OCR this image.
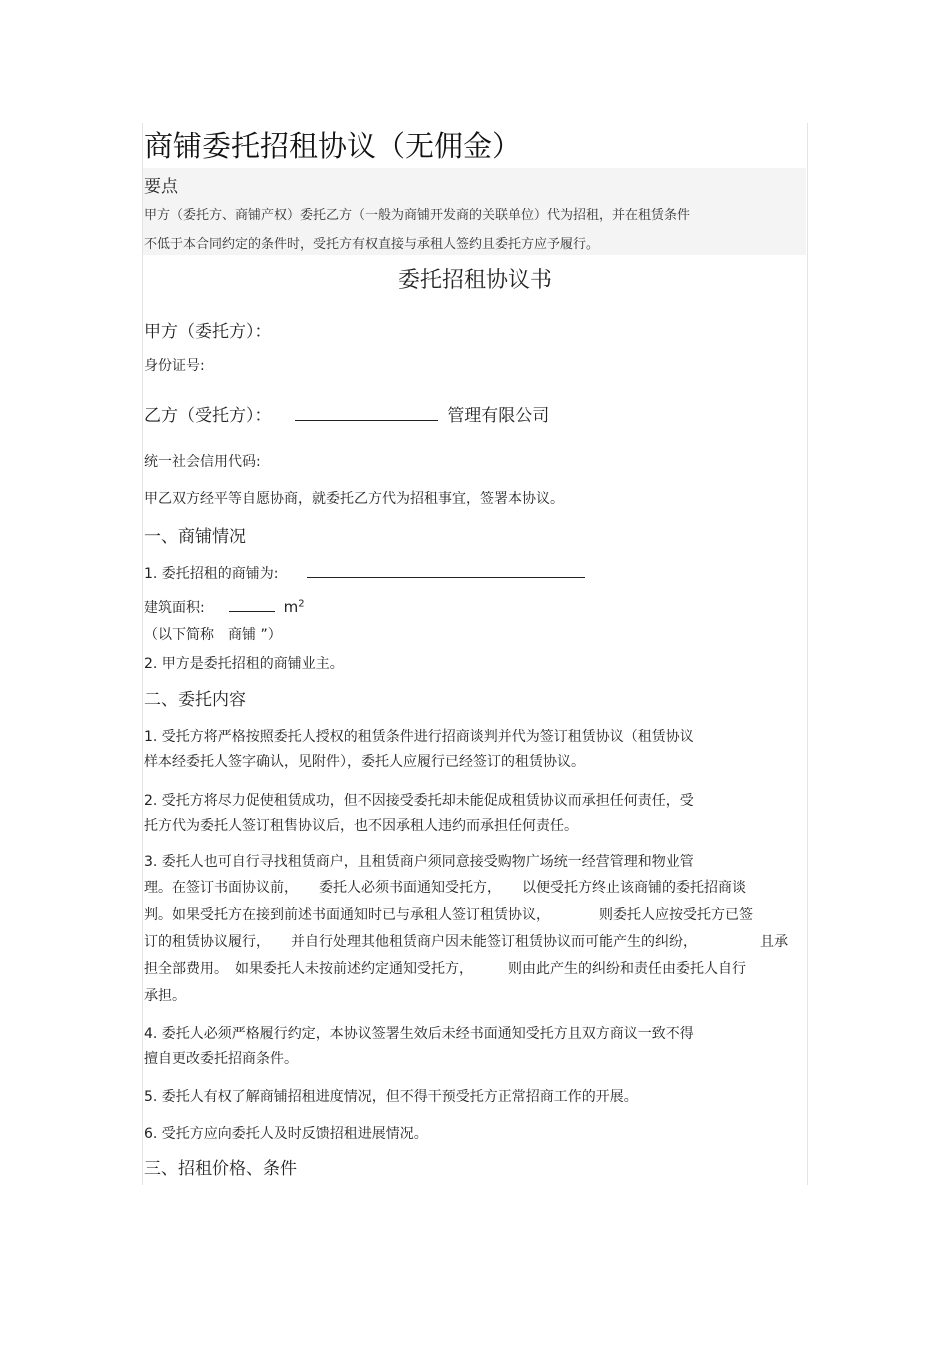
商铺委托招租协议（无佣金）
要点
甲方（委托方、商铺产权）委托乙方（一般为商铺开发商的关联单位）代为招租，并在租赁条件
不低于本合同约定的条件时，受托方有权直接与承租人签约且委托方应予履行。
委托招租协议书
甲方（委托方）：
身份证号:
乙方（受托方）：	管理有限公司
统一社会信用代码:
甲乙双方经平等自愿协商，就委托乙方代为招租事宜，签署本协议。
一、商铺情况
1. 委托招租的商铺为:
建筑面积:	$m^2$
（以下简称　商铺 ”）
2. 甲方是委托招租的商铺业主。
二、委托内容
1. 受托方将严格按照委托人授权的租赁条件进行招商谈判并代为签订租赁协议（租赁协议
样本经委托人签字确认，见附件），委托人应履行已经签订的租赁协议。
2. 受托方将尽力促使租赁成功，但不因接受委托却未能促成租赁协议而承担任何责任，受
托方代为委托人签订租售协议后，也不因承租人违约而承担任何责任。
3. 委托人也可自行寻找租赁商户，且租赁商户须同意接受购物广场统一经营管理和物业管
理。在签订书面协议前，　　委托人必须书面通知受托方，　　以便受托方终止该商铺的委托招商谈
判。如果受托方在接到前述书面通知时已与承租人签订租赁协议，　　　　则委托人应按受托方已签
订的租赁协议履行，　　并自行处理其他租赁商户因未能签订租赁协议而可能产生的纠纷，　　　　　且承
担全部费用。　如果委托人未按前述约定通知受托方，　　　则由此产生的纠纷和责任由委托人自行
承担。
4. 委托人必须严格履行约定，本协议签署生效后未经书面通知受托方且双方商议一致不得
擅自更改委托招商条件。
5. 委托人有权了解商铺招租进度情况，但不得干预受托方正常招商工作的开展。
6. 受托方应向委托人及时反馈招租进展情况。
三、招租价格、条件
